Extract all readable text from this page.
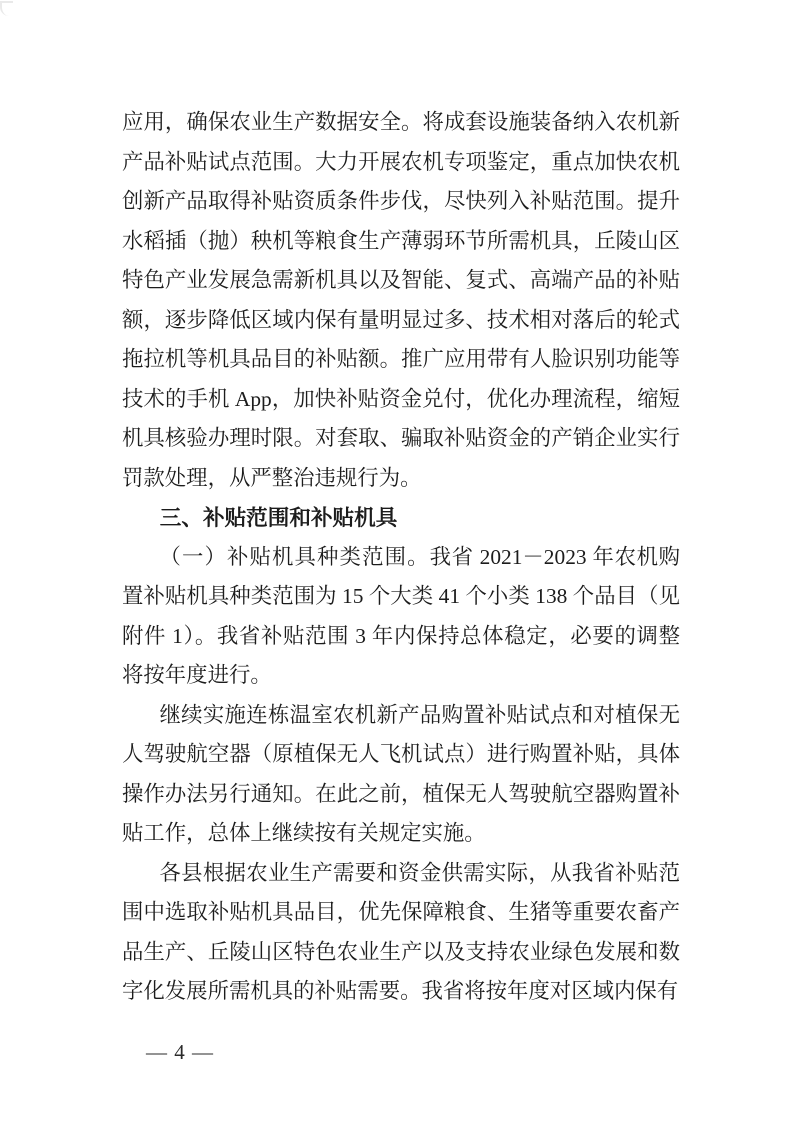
应用，确保农业生产数据安全。将成套设施装备纳入农机新产品补贴试点范围。大力开展农机专项鉴定，重点加快农机创新产品取得补贴资质条件步伐，尽快列入补贴范围。提升水稻插（抛）秧机等粮食生产薄弱环节所需机具，丘陵山区特色产业发展急需新机具以及智能、复式、高端产品的补贴额，逐步降低区域内保有量明显过多、技术相对落后的轮式拖拉机等机具品目的补贴额。推广应用带有人脸识别功能等技术的手机 App，加快补贴资金兑付，优化办理流程，缩短机具核验办理时限。对套取、骗取补贴资金的产销企业实行罚款处理，从严整治违规行为。

三、补贴范围和补贴机具

（一）补贴机具种类范围。我省 2021－2023 年农机购置补贴机具种类范围为 15 个大类 41 个小类 138 个品目（见附件 1）。我省补贴范围 3 年内保持总体稳定，必要的调整将按年度进行。

继续实施连栋温室农机新产品购置补贴试点和对植保无人驾驶航空器（原植保无人飞机试点）进行购置补贴，具体操作办法另行通知。在此之前，植保无人驾驶航空器购置补贴工作，总体上继续按有关规定实施。

各县根据农业生产需要和资金供需实际，从我省补贴范围中选取补贴机具品目，优先保障粮食、生猪等重要农畜产品生产、丘陵山区特色农业生产以及支持农业绿色发展和数字化发展所需机具的补贴需要。我省将按年度对区域内保有

— 4 —
